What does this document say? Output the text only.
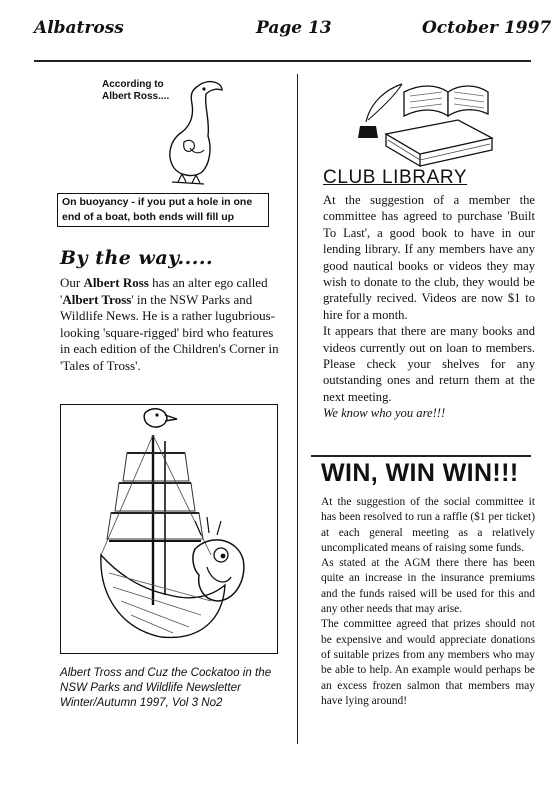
Albatross	Page 13	October 1997
According to
Albert Ross....
On buoyancy - if you put a hole in one end of a boat, both ends will fill up
By the way.....

Our Albert Ross has an alter ego called 'Albert Tross' in the NSW Parks and Wildlife News. He is a rather lugubrious-looking 'square-rigged' bird who features in each edition of the Children's Corner in 'Tales of Tross'.

Albert Tross and Cuz the Cockatoo in the NSW Parks and Wildlife Newsletter Winter/Autumn 1997, Vol 3 No2

CLUB LIBRARY

At the suggestion of a member the committee has agreed to purchase 'Built To Last', a good book to have in our lending library. If any members have any good nautical books or videos they may wish to donate to the club, they would be gratefully recived. Videos are now $1 to hire for a month.

It appears that there are many books and videos currently out on loan to members. Please check your shelves for any outstanding ones and return them at the next meeting.

We know who you are!!!

WIN, WIN WIN!!!

At the suggestion of the social committee it has been resolved to run a raffle ($1 per ticket) at each general meeting as a relatively uncomplicated means of raising some funds.

As stated at the AGM there there has been quite an increase in the insurance premiums and the funds raised will be used for this and any other needs that may arise.

The committee agreed that prizes should not be expensive and would appreciate donations of suitable prizes from any members who may be able to help. An example would perhaps be an excess frozen salmon that members may have lying around!
